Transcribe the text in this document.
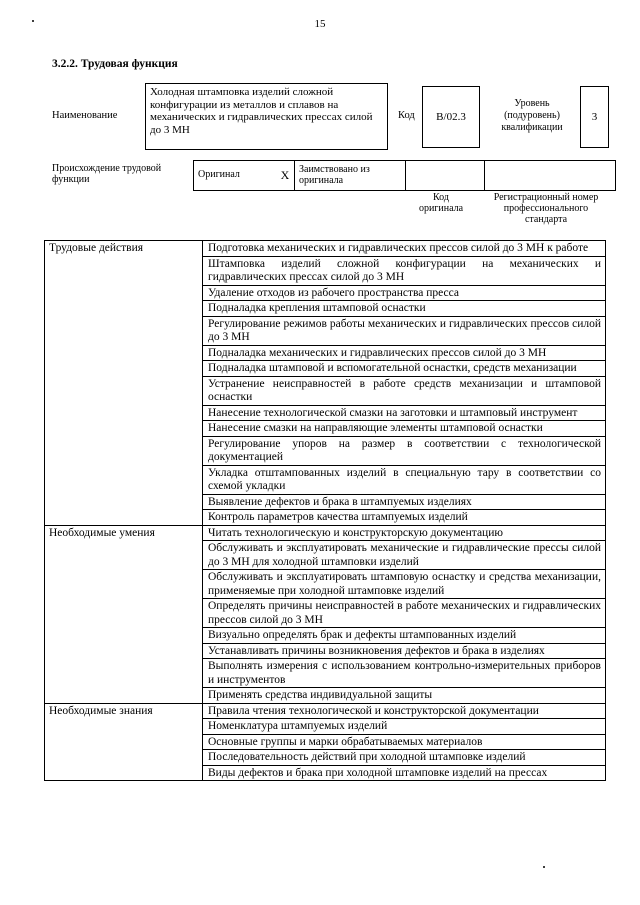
15
3.2.2. Трудовая функция
Наименование
Холодная штамповка изделий сложной конфигурации из металлов и сплавов на механических и гидравлических прессах силой до 3 МН
Код	B/02.3
Уровень (подуровень) квалификации
3
Происхождение трудовой функции	Оригинал	X	Заимствовано из оригинала		
Код оригинала
Регистрационный номер профессионального стандарта
Трудовые действия	Подготовка механических и гидравлических прессов силой до 3 МН к работе
	Штамповка изделий сложной конфигурации на механических и гидравлических прессах силой до 3 МН
	Удаление отходов из рабочего пространства пресса
	Подналадка крепления штамповой оснастки
	Регулирование режимов работы механических и гидравлических прессов силой до 3 МН
	Подналадка механических и гидравлических прессов силой до 3 МН
	Подналадка штамповой и вспомогательной оснастки, средств механизации
	Устранение неисправностей в работе средств механизации и штамповой оснастки
	Нанесение технологической смазки на заготовки и штамповый инструмент
	Нанесение смазки на направляющие элементы штамповой оснастки
	Регулирование упоров на размер в соответствии с технологической документацией
	Укладка отштампованных изделий в специальную тару в соответствии со схемой укладки
	Выявление дефектов и брака в штампуемых изделиях
	Контроль параметров качества штампуемых изделий
Необходимые умения	Читать технологическую и конструкторскую документацию
	Обслуживать и эксплуатировать механические и гидравлические прессы силой до 3 МН для холодной штамповки изделий
	Обслуживать и эксплуатировать штамповую оснастку и средства механизации, применяемые при холодной штамповке изделий
	Определять причины неисправностей в работе механических и гидравлических прессов силой до 3 МН
	Визуально определять брак и дефекты штампованных изделий
	Устанавливать причины возникновения дефектов и брака в изделиях
	Выполнять измерения с использованием контрольно-измерительных приборов и инструментов
	Применять средства индивидуальной защиты
Необходимые знания	Правила чтения технологической и конструкторской документации
	Номенклатура штампуемых изделий
	Основные группы и марки обрабатываемых материалов
	Последовательность действий при холодной штамповке изделий
	Виды дефектов и брака при холодной штамповке изделий на прессах
